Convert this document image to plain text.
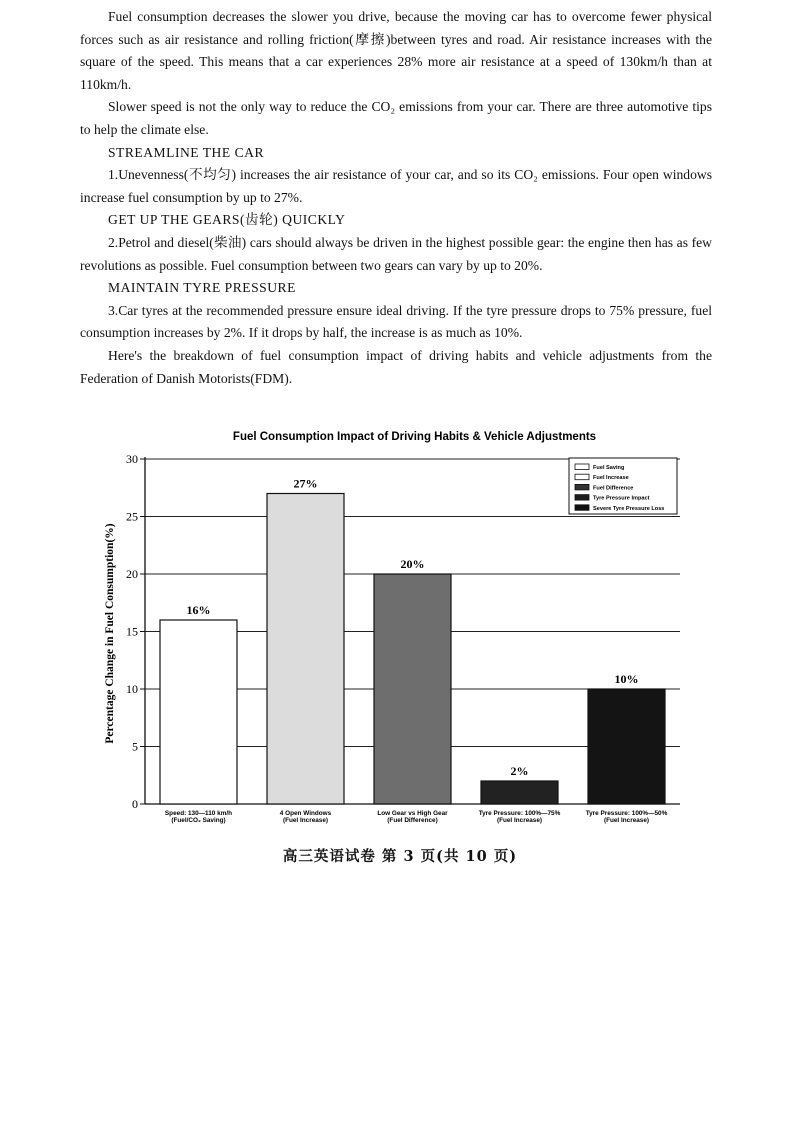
Fuel consumption decreases the slower you drive, because the moving car has to overcome fewer physical forces such as air resistance and rolling friction(摩擦)between tyres and road. Air resistance increases with the square of the speed. This means that a car experiences 28% more air resistance at a speed of 130km/h than at 110km/h.

Slower speed is not the only way to reduce the CO₂ emissions from your car. There are three automotive tips to help the climate else.

STREAMLINE THE CAR

1.Unevenness(不均匀) increases the air resistance of your car, and so its CO₂ emissions. Four open windows increase fuel consumption by up to 27%.

GET UP THE GEARS(齿轮) QUICKLY

2.Petrol and diesel(柴油) cars should always be driven in the highest possible gear: the engine then has as few revolutions as possible. Fuel consumption between two gears can vary by up to 20%.

MAINTAIN TYRE PRESSURE

3.Car tyres at the recommended pressure ensure ideal driving. If the tyre pressure drops to 75% pressure, fuel consumption increases by 2%. If it drops by half, the increase is as much as 10%.

Here's the breakdown of fuel consumption impact of driving habits and vehicle adjustments from the Federation of Danish Motorists(FDM).

Fuel Consumption Impact of Driving Habits & Vehicle Adjustments
0
5
10
15
20
25
30
Percentage Change in Fuel Consumption(%)	16%
Speed: 130—110 km/h
(Fuel/CO₂ Saving)
27%
4 Open Windows
(Fuel Increase)
20%
Low Gear vs High Gear
(Fuel Difference)
2%
Tyre Pressure: 100%—75%
(Fuel Increase)
10%
Tyre Pressure: 100%—50%
(Fuel Increase)
Fuel Saving
Fuel Increase
Fuel Difference
Tyre Pressure Impact
Severe Tyre Pressure Loss
高三英语试卷 第 3 页(共 10 页)
